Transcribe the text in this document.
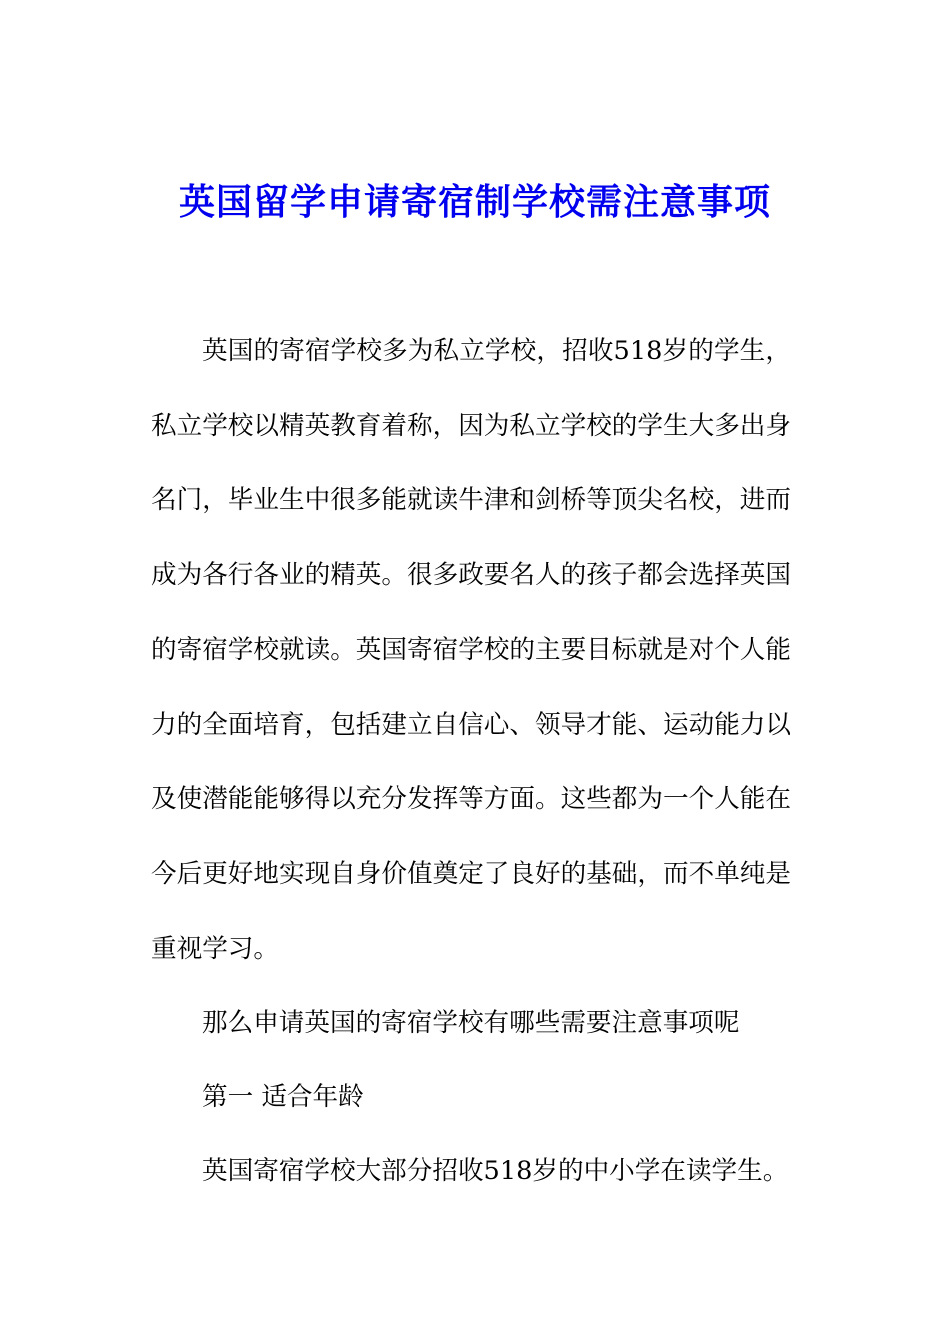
英国留学申请寄宿制学校需注意事项

英国的寄宿学校多为私立学校，招收518岁的学生，私立学校以精英教育着称，因为私立学校的学生大多出身名门，毕业生中很多能就读牛津和剑桥等顶尖名校，进而成为各行各业的精英。很多政要名人的孩子都会选择英国的寄宿学校就读。英国寄宿学校的主要目标就是对个人能力的全面培育，包括建立自信心、领导才能、运动能力以及使潜能能够得以充分发挥等方面。这些都为一个人能在今后更好地实现自身价值奠定了良好的基础，而不单纯是重视学习。

那么申请英国的寄宿学校有哪些需要注意事项呢
第一 适合年龄
英国寄宿学校大部分招收518岁的中小学在读学生。
